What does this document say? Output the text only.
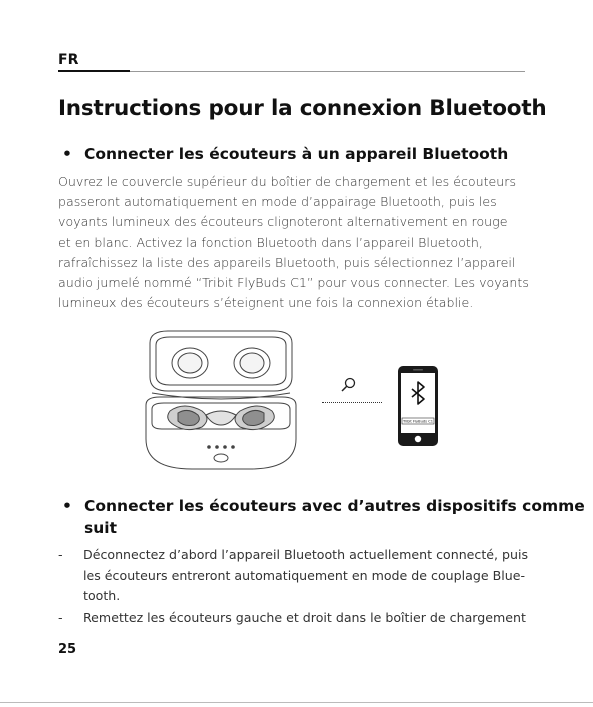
FR
Instructions pour la connexion Bluetooth
• Connecter les écouteurs à un appareil Bluetooth
Ouvrez le couvercle supérieur du boîtier de chargement et les écouteurs
passeront automatiquement en mode d’appairage Bluetooth, puis les
voyants lumineux des écouteurs clignoteront alternativement en rouge
et en blanc. Activez la fonction Bluetooth dans l’appareil Bluetooth,
rafraîchissez la liste des appareils Bluetooth, puis sélectionnez l’appareil
audio jumelé nommé “Tribit FlyBuds C1” pour vous connecter. Les voyants
lumineux des écouteurs s’éteignent une fois la connexion établie.
Tribit FlyBuds C1
• Connecter les écouteurs avec d’autres dispositifs comme
suit
-	Déconnectez d’abord l’appareil Bluetooth actuellement connecté, puis
les écouteurs entreront automatiquement en mode de couplage Blue-
tooth.
-	Remettez les écouteurs gauche et droit dans le boîtier de chargement
25
